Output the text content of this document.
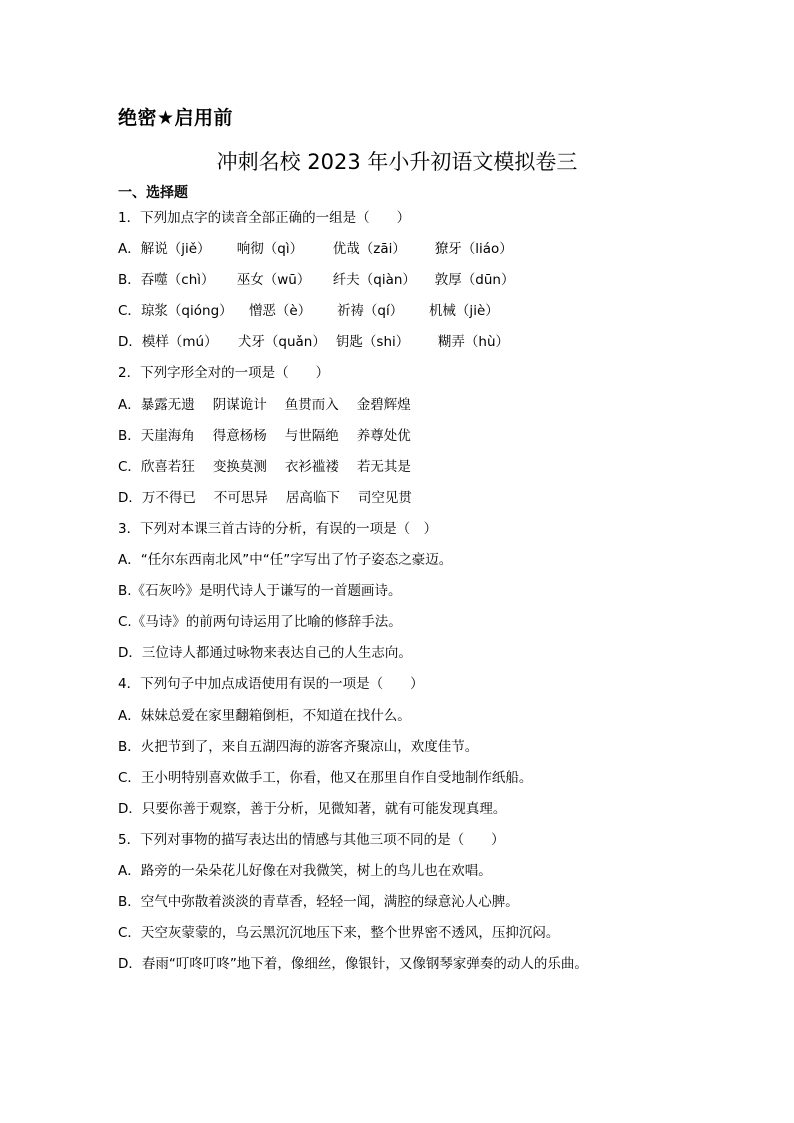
绝密★启用前
冲刺名校 2023 年小升初语文模拟卷三
一、选择题
1．下列加点字的读音全部正确的一组是（　　）
A．解说（jiě） 响彻（qì） 优哉（zāi） 獠牙（liáo）
B．吞噬（chì） 巫女（wū） 纤夫（qiàn） 敦厚（dūn）
C．琼浆（qióng） 憎恶（è） 祈祷（qí） 机械（jiè）
D．模样（mú） 犬牙（quǎn） 钥匙（shi） 糊弄（hù）
2．下列字形全对的一项是（　　）
A．暴露无遗 阴谋诡计 鱼贯而入 金碧辉煌
B．天崖海角 得意杨杨 与世隔绝 养尊处优
C．欣喜若狂 变换莫测 衣衫褴褛 若无其是
D．万不得已 不可思异 居高临下 司空见贯
3．下列对本课三首古诗的分析，有误的一项是（　）
A．“任尔东西南北风”中“任”字写出了竹子姿态之豪迈。
B.《石灰吟》是明代诗人于谦写的一首题画诗。
C.《马诗》的前两句诗运用了比喻的修辞手法。
D．三位诗人都通过咏物来表达自己的人生志向。
4．下列句子中加点成语使用有误的一项是（　　）
A．妹妹总爱在家里翻箱倒柜，不知道在找什么。
B．火把节到了，来自五湖四海的游客齐聚凉山，欢度佳节。
C．王小明特别喜欢做手工，你看，他又在那里自作自受地制作纸船。
D．只要你善于观察，善于分析，见微知著，就有可能发现真理。
5．下列对事物的描写表达出的情感与其他三项不同的是（　　）
A．路旁的一朵朵花儿好像在对我微笑，树上的鸟儿也在欢唱。
B．空气中弥散着淡淡的青草香，轻轻一闻，满腔的绿意沁人心脾。
C．天空灰蒙蒙的，乌云黑沉沉地压下来，整个世界密不透风，压抑沉闷。
D．春雨“叮咚叮咚”地下着，像细丝，像银针，又像钢琴家弹奏的动人的乐曲。
